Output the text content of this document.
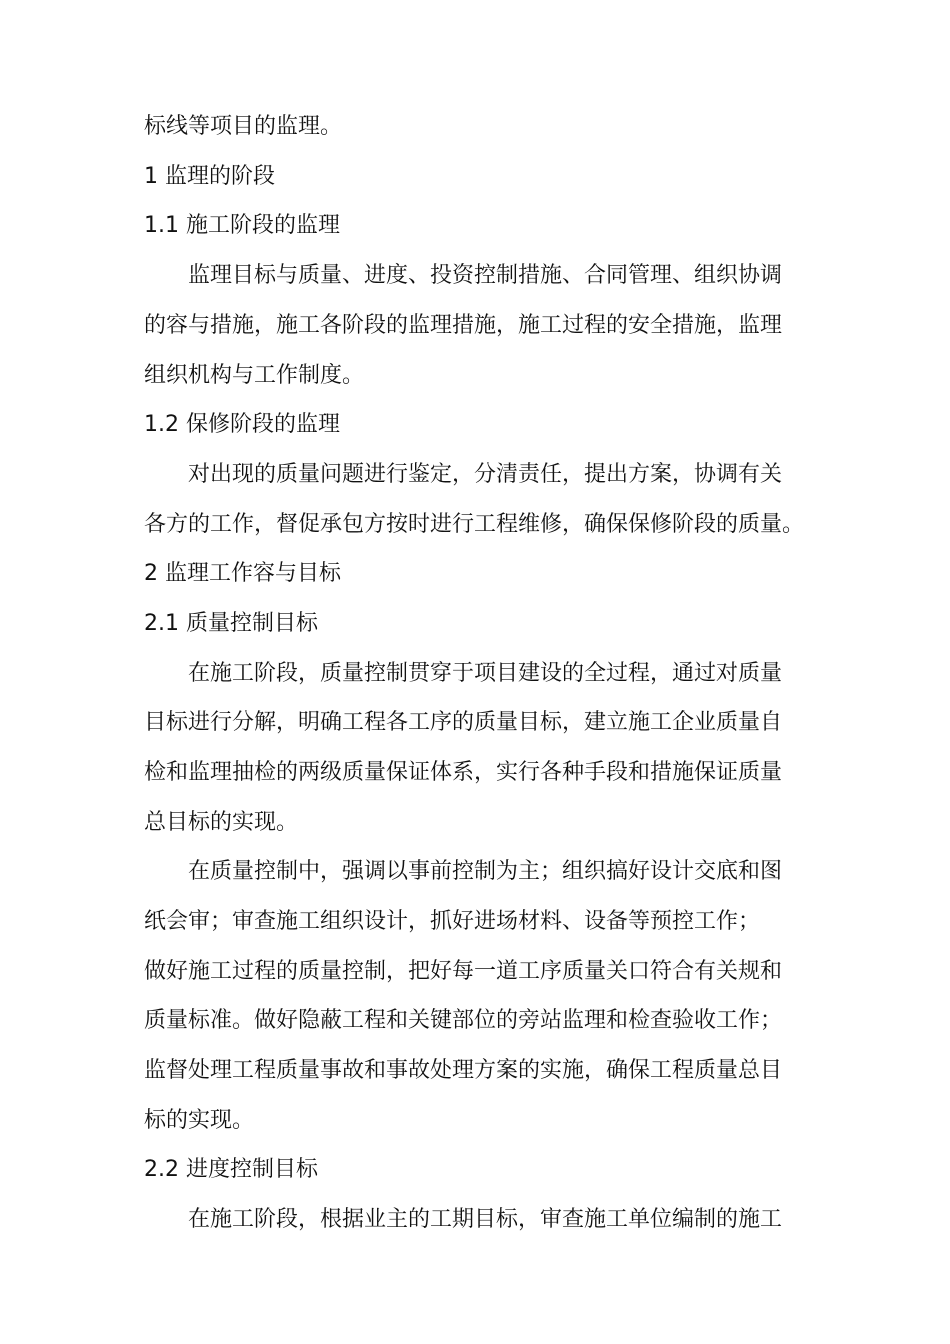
标线等项目的监理。
1 监理的阶段
1.1 施工阶段的监理
监理目标与质量、进度、投资控制措施、合同管理、组织协调
的容与措施，施工各阶段的监理措施，施工过程的安全措施，监理
组织机构与工作制度。
1.2 保修阶段的监理
对出现的质量问题进行鉴定，分清责任，提出方案，协调有关
各方的工作，督促承包方按时进行工程维修，确保保修阶段的质量。
2 监理工作容与目标
2.1 质量控制目标
在施工阶段，质量控制贯穿于项目建设的全过程，通过对质量
目标进行分解，明确工程各工序的质量目标，建立施工企业质量自
检和监理抽检的两级质量保证体系，实行各种手段和措施保证质量
总目标的实现。
在质量控制中，强调以事前控制为主；组织搞好设计交底和图
纸会审；审查施工组织设计，抓好进场材料、设备等预控工作；
做好施工过程的质量控制，把好每一道工序质量关口符合有关规和
质量标准。做好隐蔽工程和关键部位的旁站监理和检查验收工作；
监督处理工程质量事故和事故处理方案的实施，确保工程质量总目
标的实现。
2.2 进度控制目标
在施工阶段，根据业主的工期目标，审查施工单位编制的施工
